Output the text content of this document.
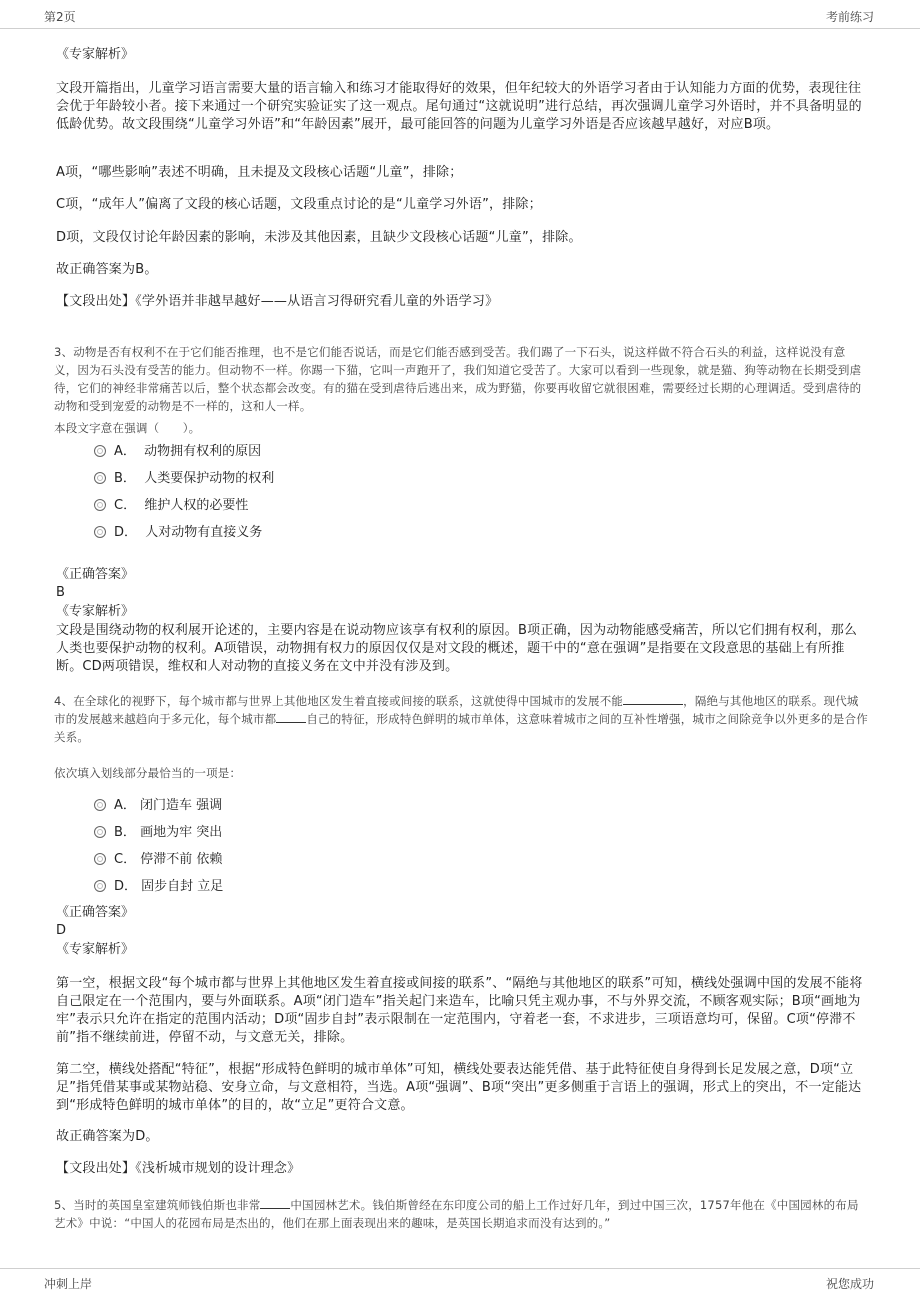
第2页	考前练习
《专家解析》

文段开篇指出，儿童学习语言需要大量的语言输入和练习才能取得好的效果，但年纪较大的外语学习者由于认知能力方面的优势，表现往往会优于年龄较小者。接下来通过一个研究实验证实了这一观点。尾句通过“这就说明”进行总结，再次强调儿童学习外语时，并不具备明显的低龄优势。故文段围绕“儿童学习外语”和“年龄因素”展开，最可能回答的问题为儿童学习外语是否应该越早越好，对应B项。

A项，“哪些影响”表述不明确，且未提及文段核心话题“儿童”，排除；

C项，“成年人”偏离了文段的核心话题，文段重点讨论的是“儿童学习外语”，排除；

D项，文段仅讨论年龄因素的影响，未涉及其他因素，且缺少文段核心话题“儿童”，排除。

故正确答案为B。

【文段出处】《学外语并非越早越好——从语言习得研究看儿童的外语学习》

3、动物是否有权利不在于它们能否推理，也不是它们能否说话，而是它们能否感到受苦。我们踢了一下石头，说这样做不符合石头的利益，这样说没有意义，因为石头没有受苦的能力。但动物不一样。你踢一下猫，它叫一声跑开了，我们知道它受苦了。大家可以看到一些现象，就是猫、狗等动物在长期受到虐待，它们的神经非常痛苦以后，整个状态都会改变。有的猫在受到虐待后逃出来，成为野猫，你要再收留它就很困难，需要经过长期的心理调适。受到虐待的动物和受到宠爱的动物是不一样的，这和人一样。

本段文字意在强调（　　）。

A． 动物拥有权利的原因
B． 人类要保护动物的权利
C． 维护人权的必要性
D． 人对动物有直接义务
《正确答案》
B
《专家解析》

文段是围绕动物的权利展开论述的，主要内容是在说动物应该享有权利的原因。B项正确，因为动物能感受痛苦，所以它们拥有权利，那么人类也要保护动物的权利。A项错误，动物拥有权力的原因仅仅是对文段的概述，题干中的“意在强调”是指要在文段意思的基础上有所推断。CD两项错误，维权和人对动物的直接义务在文中并没有涉及到。

4、在全球化的视野下，每个城市都与世界上其他地区发生着直接或间接的联系，这就使得中国城市的发展不能	，隔绝与其他地区的联系。现代城市的发展越来越趋向于多元化，每个城市都	自己的特征，形成特色鲜明的城市单体，这意味着城市之间的互补性增强，城市之间除竞争以外更多的是合作关系。

依次填入划线部分最恰当的一项是：

A． 闭门造车 强调
B． 画地为牢 突出
C． 停滞不前 依赖
D． 固步自封 立足
《正确答案》
D
《专家解析》

第一空，根据文段“每个城市都与世界上其他地区发生着直接或间接的联系”、“隔绝与其他地区的联系”可知，横线处强调中国的发展不能将自己限定在一个范围内，要与外面联系。A项“闭门造车”指关起门来造车，比喻只凭主观办事，不与外界交流，不顾客观实际；B项“画地为牢”表示只允许在指定的范围内活动；D项“固步自封”表示限制在一定范围内，守着老一套，不求进步，三项语意均可，保留。C项“停滞不前”指不继续前进，停留不动，与文意无关，排除。

第二空，横线处搭配“特征”，根据“形成特色鲜明的城市单体”可知，横线处要表达能凭借、基于此特征使自身得到长足发展之意，D项“立足”指凭借某事或某物站稳、安身立命，与文意相符，当选。A项“强调”、B项“突出”更多侧重于言语上的强调，形式上的突出，不一定能达到“形成特色鲜明的城市单体”的目的，故“立足”更符合文意。

故正确答案为D。

【文段出处】《浅析城市规划的设计理念》

5、当时的英国皇室建筑师钱伯斯也非常	中国园林艺术。钱伯斯曾经在东印度公司的船上工作过好几年，到过中国三次，1757年他在《中国园林的布局艺术》中说：“中国人的花园布局是杰出的，他们在那上面表现出来的趣味，是英国长期追求而没有达到的。”

冲刺上岸	祝您成功
